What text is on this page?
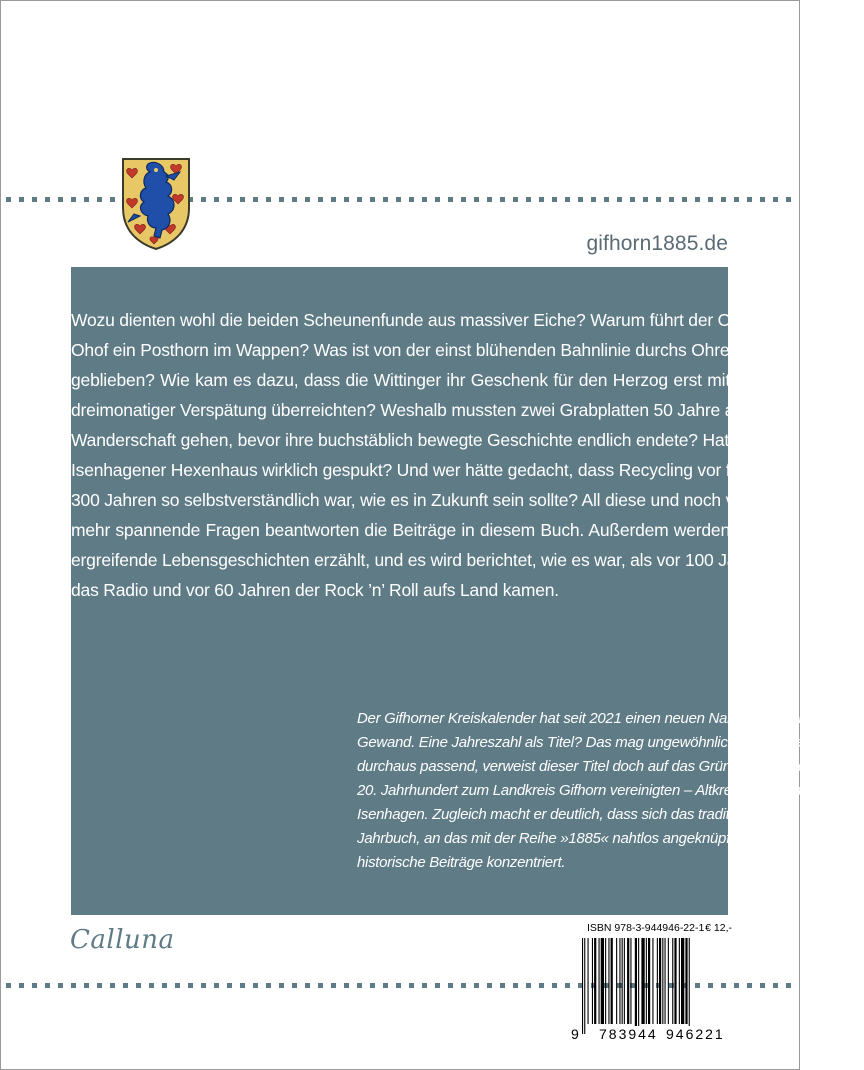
gifhorn1885.de
Wozu dienten wohl die beiden Scheunenfunde aus massiver Eiche? Warum führt der Ort
Ohof ein Posthorn im Wappen? Was ist von der einst blühenden Bahnlinie durchs Ohretal
geblieben? Wie kam es dazu, dass die Wittinger ihr Geschenk für den Herzog erst mit
dreimonatiger Verspätung überreichten? Weshalb mussten zwei Grabplatten 50 Jahre auf
Wanderschaft gehen, bevor ihre buchstäblich bewegte Geschichte endlich endete? Hat es im
Isenhagener Hexenhaus wirklich gespukt? Und wer hätte gedacht, dass Recycling vor fast
300 Jahren so selbstverständlich war, wie es in Zukunft sein sollte? All diese und noch viel
mehr spannende Fragen beantworten die Beiträge in diesem Buch. Außerdem werden
ergreifende Lebensgeschichten erzählt, und es wird berichtet, wie es war, als vor 100 Jahren
das Radio und vor 60 Jahren der Rock ’n’ Roll aufs Land kamen.
Der Gifhorner Kreiskalender hat seit 2021 einen neuen Namen und ein neues
Gewand. Eine Jahreszahl als Titel? Das mag ungewöhnlich erscheinen, ist aber
durchaus passend, verweist dieser Titel doch auf das Gründungsjahr der – im
20. Jahrhundert zum Landkreis Gifhorn vereinigten – Altkreise Gifhorn und
Isenhagen. Zugleich macht er deutlich, dass sich das traditionsreiche
Jahrbuch, an das mit der Reihe »1885« nahtlos angeknüpft wird, nun auf
historische Beiträge konzentriert.
Calluna	ISBN 978-3-944946-22-1 € 12,-
9 783944 946221
